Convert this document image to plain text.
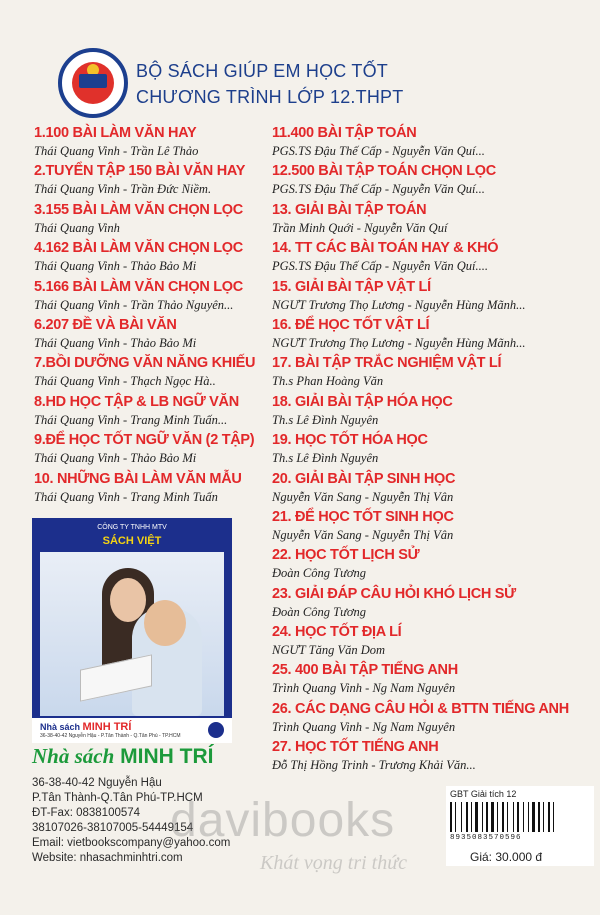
BỘ SÁCH GIÚP EM HỌC TỐT
CHƯƠNG TRÌNH LỚP 12.THPT
1.100 BÀI LÀM VĂN HAY
Thái Quang Vinh - Trần Lê Thảo
2.TUYỂN TẬP 150 BÀI VĂN HAY
Thái Quang Vinh - Trần Đức Niềm.
3.155 BÀI LÀM VĂN CHỌN LỌC
Thái Quang Vinh
4.162 BÀI LÀM VĂN CHỌN LỌC
Thái Quang Vinh - Thảo Bảo Mi
5.166 BÀI LÀM VĂN CHỌN LỌC
Thái Quang Vinh - Trần Thảo Nguyên...
6.207 ĐỀ VÀ BÀI VĂN
Thái Quang Vinh - Thảo Bảo Mi
7.BỒI DƯỠNG VĂN NĂNG KHIẾU
Thái Quang Vinh - Thạch Ngọc Hà..
8.HD HỌC TẬP & LB NGỮ VĂN
Thái Quang Vinh - Trang Minh Tuấn...
9.ĐỂ HỌC TỐT NGỮ VĂN (2 TẬP)
Thái Quang Vinh - Thảo Bảo Mi
10. NHỮNG BÀI LÀM VĂN MẪU
Thái Quang Vinh - Trang Minh Tuấn
11.400 BÀI TẬP TOÁN
PGS.TS Đậu Thế Cấp - Nguyễn Văn Quí...
12.500 BÀI TẬP TOÁN CHỌN LỌC
PGS.TS Đậu Thế Cấp - Nguyễn Văn Quí...
13. GIẢI BÀI TẬP TOÁN
Trần Minh Quới - Nguyễn Văn Quí
14. TT CÁC BÀI TOÁN HAY & KHÓ
PGS.TS Đậu Thế Cấp - Nguyễn Văn Quí....
15. GIẢI BÀI TẬP VẬT LÍ
NGƯT Trương Thọ Lương - Nguyễn Hùng Mãnh...
16. ĐỂ HỌC TỐT VẬT LÍ
NGƯT Trương Thọ Lương - Nguyễn Hùng Mãnh...
17. BÀI TẬP TRẮC NGHIỆM VẬT LÍ
Th.s Phan Hoàng Văn
18. GIẢI BÀI TẬP HÓA HỌC
Th.s Lê Đình Nguyên
19. HỌC TỐT HÓA HỌC
Th.s Lê Đình Nguyên
20. GIẢI BÀI TẬP SINH HỌC
Nguyễn Văn Sang - Nguyễn Thị Vân
21. ĐỂ HỌC TỐT SINH HỌC
Nguyễn Văn Sang - Nguyễn Thị Vân
22. HỌC TỐT LỊCH SỬ
Đoàn Công Tương
23. GIẢI ĐÁP CÂU HỎI KHÓ LỊCH SỬ
Đoàn Công Tương
24. HỌC TỐT ĐỊA LÍ
NGƯT Tăng Văn Dom
25. 400 BÀI TẬP TIẾNG ANH
Trình Quang Vinh - Ng Nam Nguyên
26. CÁC DẠNG CÂU HỎI & BTTN TIẾNG ANH
Trình Quang Vinh - Ng Nam Nguyên
27. HỌC TỐT TIẾNG ANH
Đỗ Thị Hồng Trinh - Trương Khải Văn...
CÔNG TY TNHH MTV
SÁCH VIỆT
Nhà sách MINH TRÍ
36-38-40-42 Nguyễn Hậu - P.Tân Thành - Q.Tân Phú - TP.HCM
Nhà sách MINH TRÍ
36-38-40-42 Nguyễn Hậu
P.Tân Thành-Q.Tân Phú-TP.HCM
ĐT-Fax: 0838100574
38107026-38107005-54449154
Email: vietbookscompany@yahoo.com
Website: nhasachminhtri.com
GBT Giải tích 12
8935083570596
Giá: 30.000 đ
davibooks
Khát vọng tri thức
